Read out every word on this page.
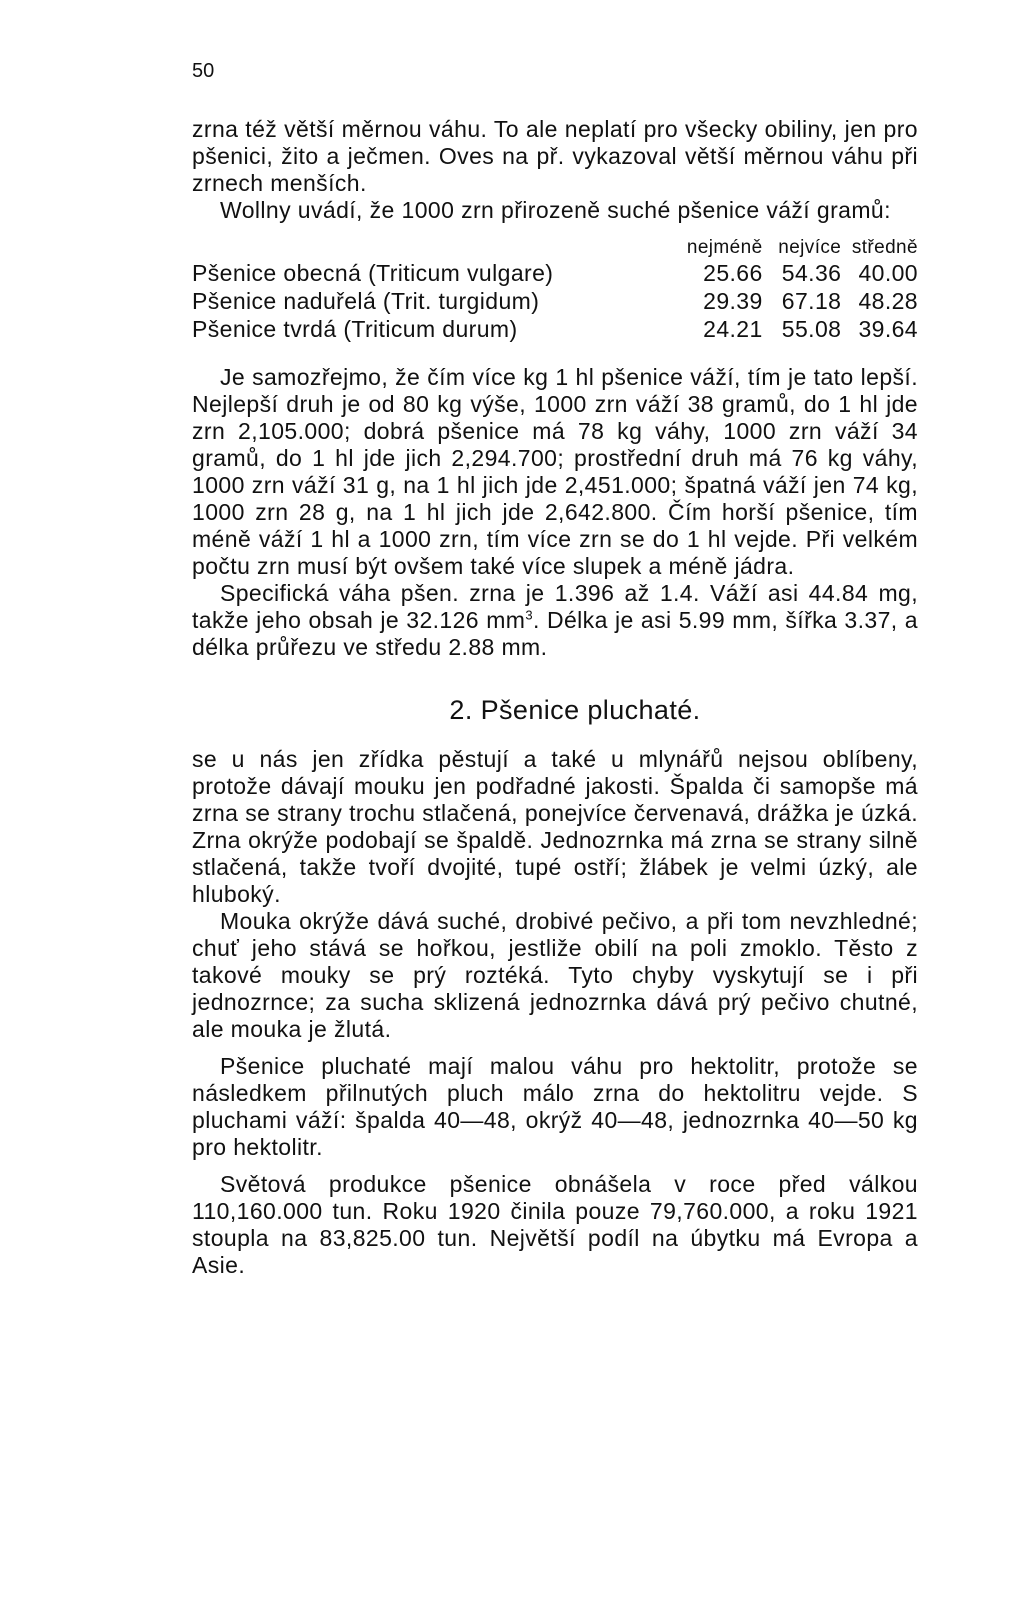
50

zrna též větší měrnou váhu. To ale neplatí pro všecky obiliny, jen pro pšenici, žito a ječmen. Oves na př. vykazoval větší měrnou váhu při zrnech menších.

Wollny uvádí, že 1000 zrn přirozeně suché pšenice váží gramů:

nejméně nejvíce středně
Pšenice obecná (Triticum vulgare)	25.66 54.36 40.00
Pšenice naduřelá (Trit. turgidum)	29.39 67.18 48.28
Pšenice tvrdá (Triticum durum)	24.21 55.08 39.64

Je samozřejmo, že čím více kg 1 hl pšenice váží, tím je tato lepší. Nejlepší druh je od 80 kg výše, 1000 zrn váží 38 gramů, do 1 hl jde zrn 2,105.000; dobrá pšenice má 78 kg váhy, 1000 zrn váží 34 gramů, do 1 hl jde jich 2,294.700; prostřední druh má 76 kg váhy, 1000 zrn váží 31 g, na 1 hl jich jde 2,451.000; špatná váží jen 74 kg, 1000 zrn 28 g, na 1 hl jich jde 2,642.800. Čím horší pšenice, tím méně váží 1 hl a 1000 zrn, tím více zrn se do 1 hl vejde. Při velkém počtu zrn musí být ovšem také více slupek a méně jádra.

Specifická váha pšen. zrna je 1.396 až 1.4. Váží asi 44.84 mg, takže jeho obsah je 32.126 $mm^3$. Délka je asi 5.99 mm, šířka 3.37, a délka průřezu ve středu 2.88 mm.

2. Pšenice pluchaté.

se u nás jen zřídka pěstují a také u mlynářů nejsou oblíbeny, protože dávají mouku jen podřadné jakosti. Špalda či samopše má zrna se strany trochu stlačená, ponejvíce červenavá, drážka je úzká. Zrna okrýže podobají se špaldě. Jednozrnka má zrna se strany silně stlačená, takže tvoří dvojité, tupé ostří; žlábek je velmi úzký, ale hluboký.

Mouka okrýže dává suché, drobivé pečivo, a při tom nevzhledné; chuť jeho stává se hořkou, jestliže obilí na poli zmoklo. Těsto z takové mouky se prý roztéká. Tyto chyby vyskytují se i při jednozrnce; za sucha sklizená jednozrnka dává prý pečivo chutné, ale mouka je žlutá.

Pšenice pluchaté mají malou váhu pro hektolitr, protože se následkem přilnutých pluch málo zrna do hektolitru vejde. S pluchami váží: špalda 40—48, okrýž 40—48, jednozrnka 40—50 kg pro hektolitr.

Světová produkce pšenice obnášela v roce před válkou 110,160.000 tun. Roku 1920 činila pouze 79,760.000, a roku 1921 stoupla na 83,825.00 tun. Největší podíl na úbytku má Evropa a Asie.
